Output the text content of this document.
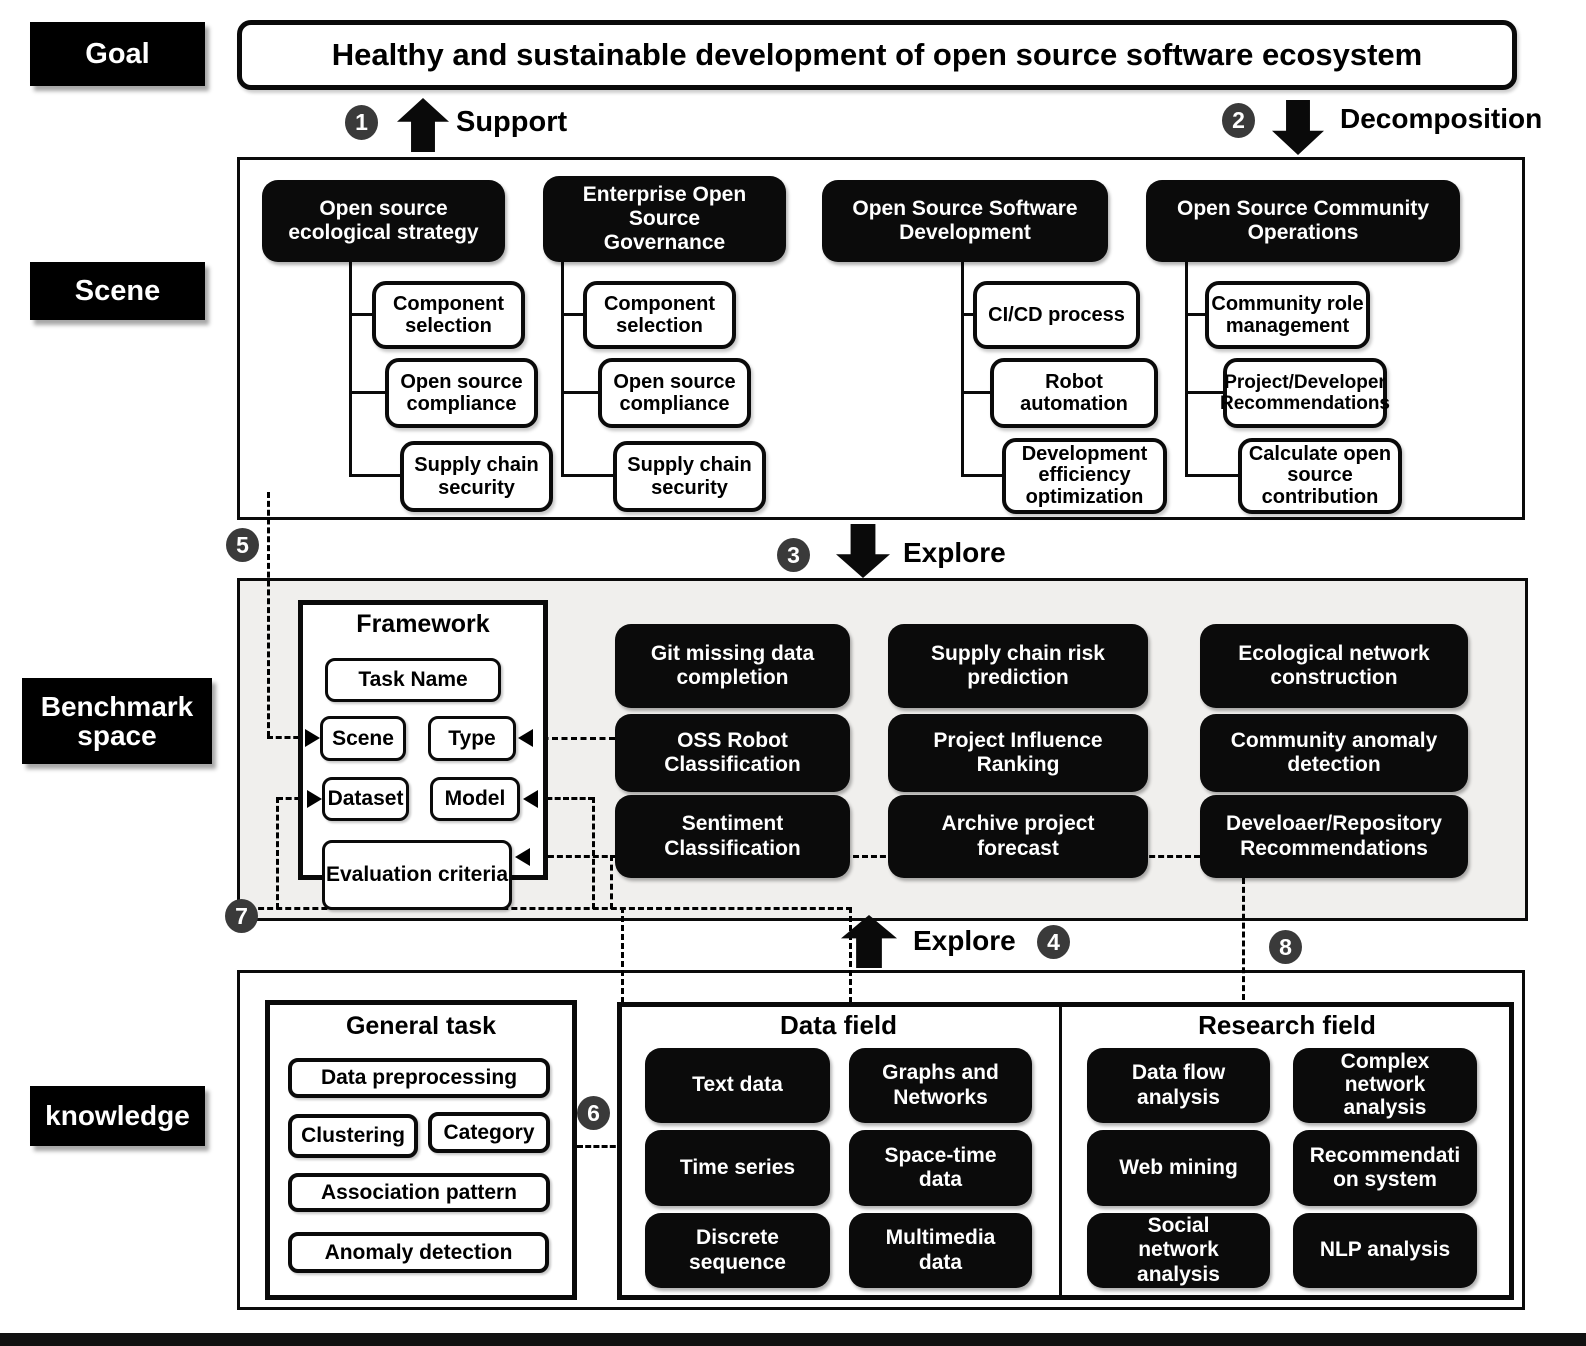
Goal
Scene
Benchmark space
knowledge
Healthy and sustainable development of open source software ecosystem
1	Support	2	Decomposition
Open source ecological strategy
Enterprise Open Source Governance
Open Source Software Development
Open Source Community Operations
Component selection
Open source compliance
Supply chain security
Component selection
Open source compliance
Supply chain security
CI/CD process
Robot automation
Development efficiency optimization
Community role management
Project/Developer Recommendations
Calculate open source contribution
3	Explore
Framework
Task Name
Scene	Type
Dataset	Model
Evaluation criteria
Git missing data completion
OSS Robot Classification
Sentiment Classification
Supply chain risk prediction
Project Influence Ranking
Archive project forecast
Ecological network construction
Community anomaly detection
Develoaer/Repository Recommendations
Explore	4	8
General task
Data preprocessing
Clustering	Category
Association pattern
Anomaly detection
Data field	Research field
Text data
Graphs and Networks
Time series
Space-time data
Discrete sequence
Multimedia data
Data flow analysis
Complex network analysis
Web mining
Recommendati on system
Social network analysis
NLP analysis
5
7
6
